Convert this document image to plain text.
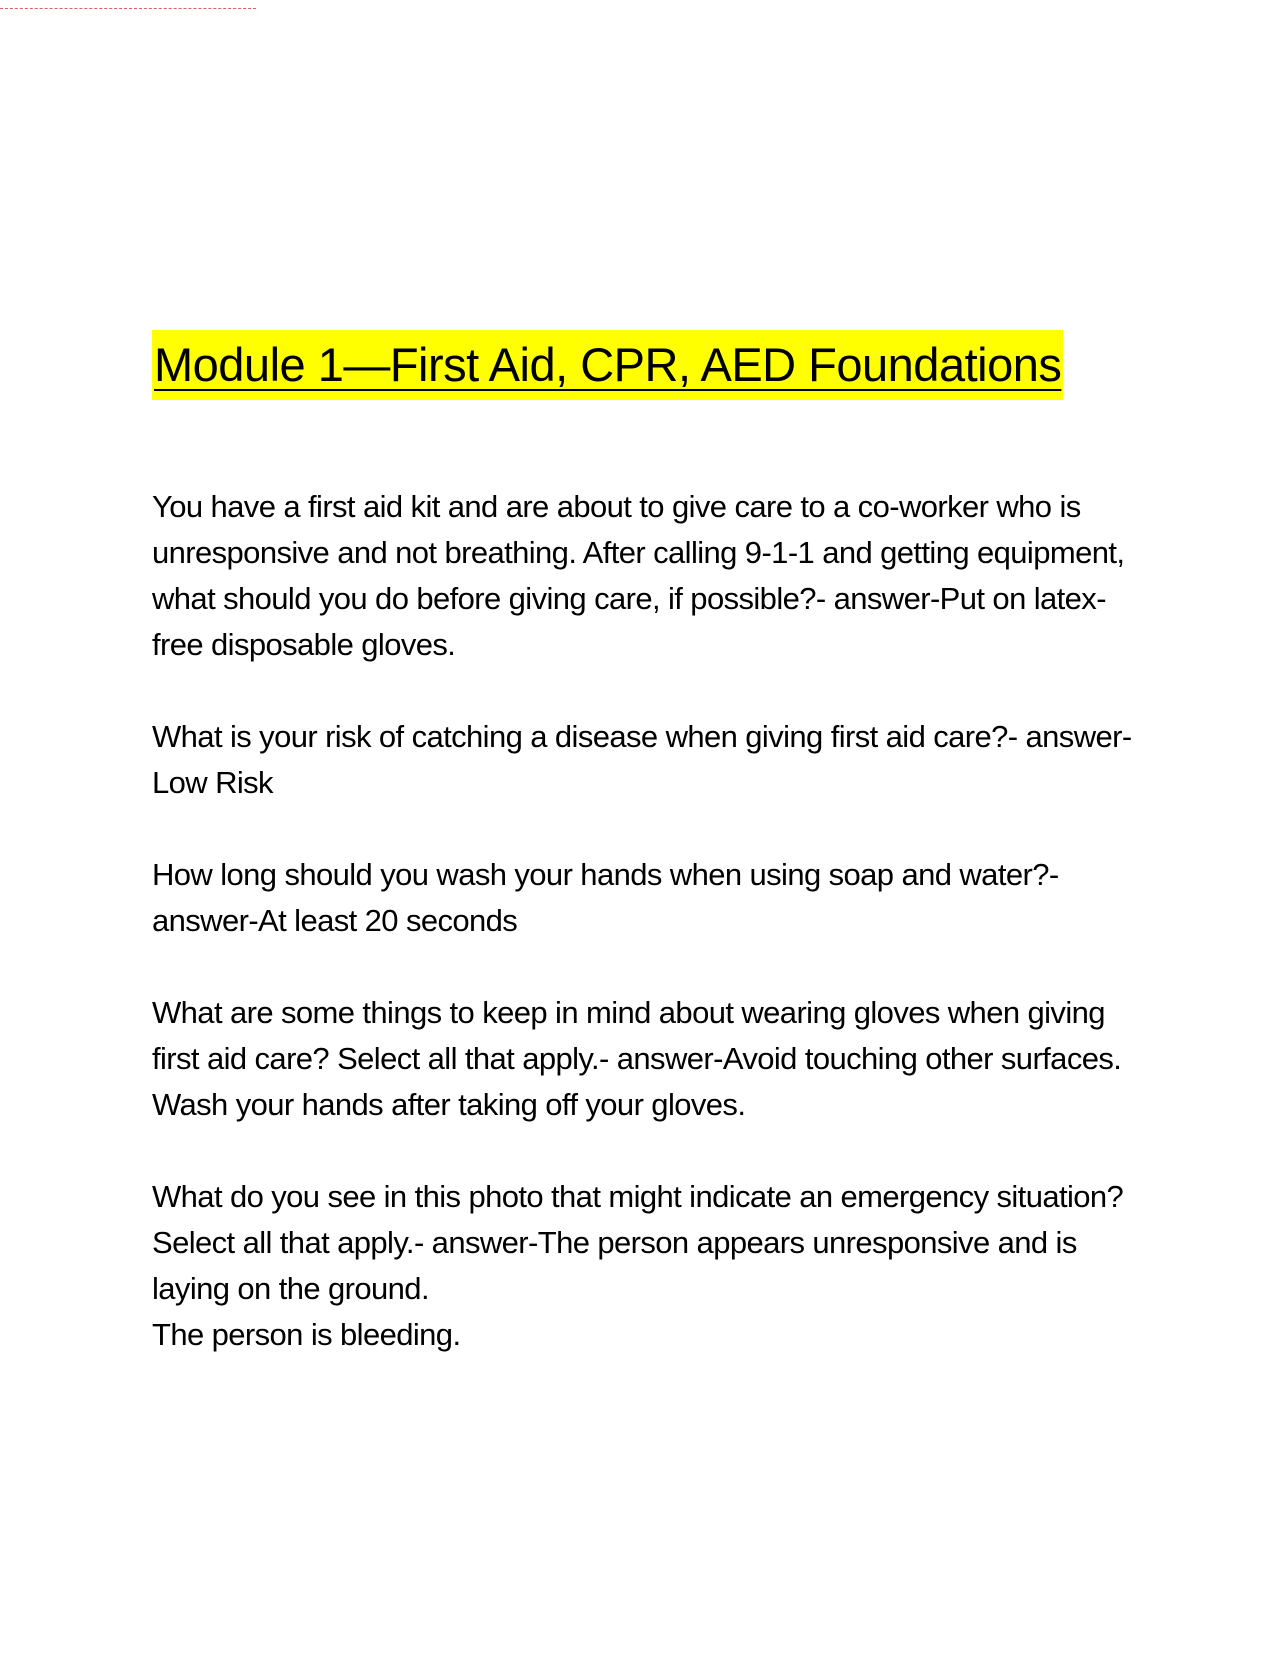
Module 1—First Aid, CPR, AED Foundations

You have a first aid kit and are about to give care to a co-worker who is unresponsive and not breathing. After calling 9-1-1 and getting equipment, what should you do before giving care, if possible?- answer-Put on latex-free disposable gloves.

What is your risk of catching a disease when giving first aid care?- answer-Low Risk

How long should you wash your hands when using soap and water?- answer-At least 20 seconds

What are some things to keep in mind about wearing gloves when giving first aid care? Select all that apply.- answer-Avoid touching other surfaces.

Wash your hands after taking off your gloves.

What do you see in this photo that might indicate an emergency situation? Select all that apply.- answer-The person appears unresponsive and is laying on the ground.

The person is bleeding.
